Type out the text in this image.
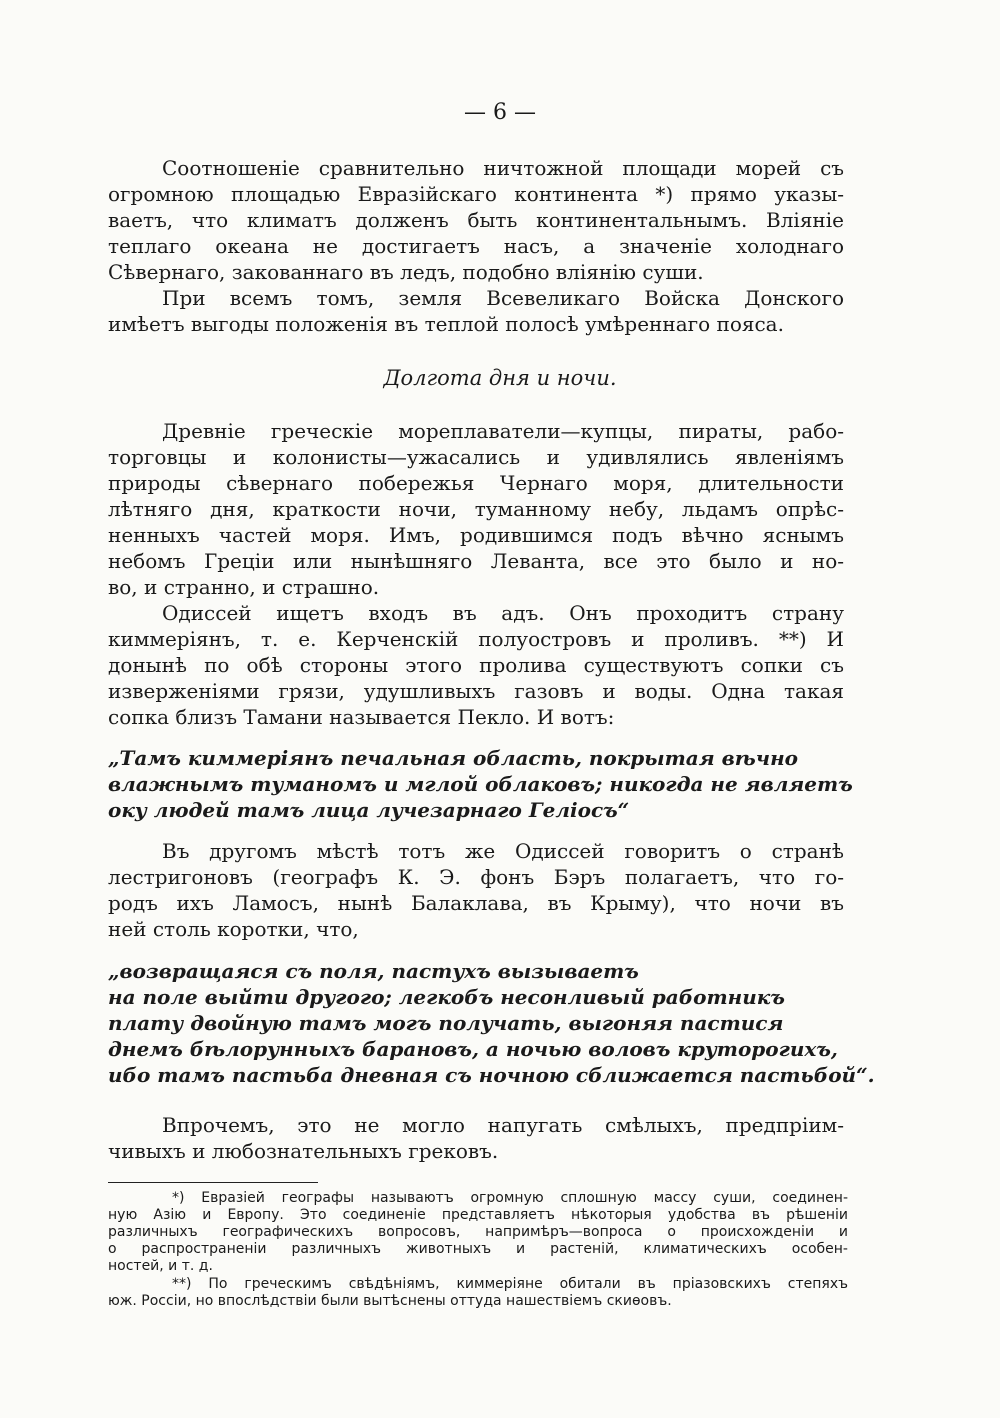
— 6 —
Соотношеніе сравнительно ничтожной площади морей съ
огромною площадью Евразійскаго континента *) прямо указы-
ваетъ, что климатъ долженъ быть континентальнымъ. Вліяніе
теплаго океана не достигаетъ насъ, а значеніе холоднаго
Сѣвернаго, закованнаго въ ледъ, подобно вліянію суши.
При всемъ томъ, земля Всевеликаго Войска Донского
имѣетъ выгоды положенія въ теплой полосѣ умѣреннаго пояса.
Долгота дня и ночи.
Древніе греческіе мореплаватели—купцы, пираты, рабо-
торговцы и колонисты—ужасались и удивлялись явленіямъ
природы сѣвернаго побережья Чернаго моря, длительности
лѣтняго дня, краткости ночи, туманному небу, льдамъ опрѣс-
ненныхъ частей моря. Имъ, родившимся подъ вѣчно яснымъ
небомъ Греціи или нынѣшняго Леванта, все это было и но-
во, и странно, и страшно.
Одиссей ищетъ входъ въ адъ. Онъ проходитъ страну
киммеріянъ, т. е. Керченскій полуостровъ и проливъ. **) И
донынѣ по обѣ стороны этого пролива существуютъ сопки съ
изверженіями грязи, удушливыхъ газовъ и воды. Одна такая
сопка близъ Тамани называется Пекло. И вотъ:
„Тамъ киммеріянъ печальная область, покрытая вѣчно
влажнымъ туманомъ и мглой облаковъ; никогда не являетъ
оку людей тамъ лица лучезарнаго Геліосъ“
Въ другомъ мѣстѣ тотъ же Одиссей говоритъ о странѣ
лестригоновъ (географъ К. Э. фонъ Бэръ полагаетъ, что го-
родъ ихъ Ламосъ, нынѣ Балаклава, въ Крыму), что ночи въ
ней столь коротки, что,
„возвращаяся съ поля, пастухъ вызываетъ
на поле выйти другого; легкобъ несонливый работникъ
плату двойную тамъ могъ получать, выгоняя пастися
днемъ бѣлорунныхъ барановъ, а ночью воловъ круторогихъ,
ибо тамъ пастьба дневная съ ночною сближается пастьбой“.
Впрочемъ, это не могло напугать смѣлыхъ, предпріим-
чивыхъ и любознательныхъ грековъ.
*) Евразіей географы называютъ огромную сплошную массу суши, соединен-
ную Азію и Европу. Это соединеніе представляетъ нѣкоторыя удобства въ рѣшеніи
различныхъ географическихъ вопросовъ, напримѣръ—вопроса о происхожденіи и
о распространеніи различныхъ животныхъ и растеній, климатическихъ особен-
ностей, и т. д.
**) По греческимъ свѣдѣніямъ, киммеріяне обитали въ пріазовскихъ степяхъ
юж. Россіи, но впослѣдствіи были вытѣснены оттуда нашествіемъ скиѳовъ.
